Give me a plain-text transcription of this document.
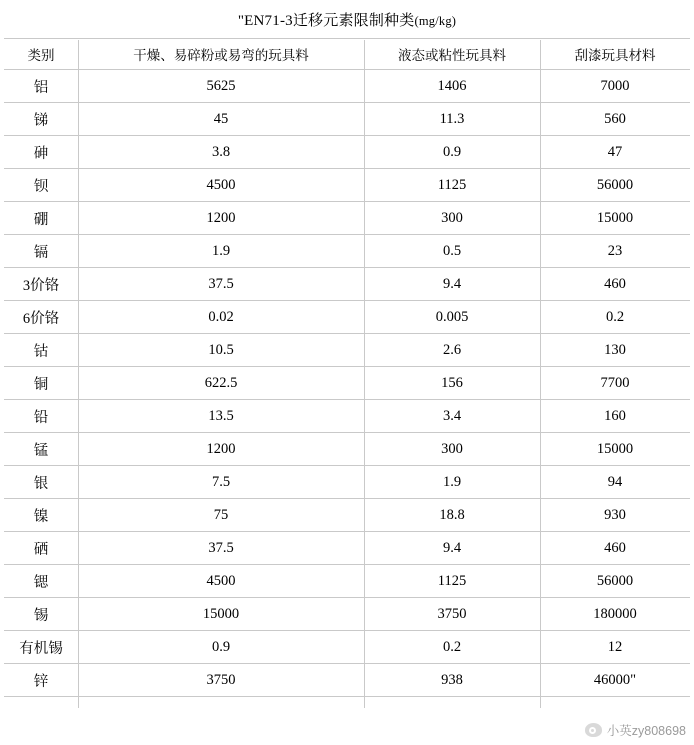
"EN71-3迁移元素限制种类(mg/kg)
类别	干燥、易碎粉或易弯的玩具料	液态或粘性玩具料	刮漆玩具材料
铝	5625	1406	7000
锑	45	11.3	560
砷	3.8	0.9	47
钡	4500	1125	56000
硼	1200	300	15000
镉	1.9	0.5	23
3价铬	37.5	9.4	460
6价铬	0.02	0.005	0.2
钴	10.5	2.6	130
铜	622.5	156	7700
铅	13.5	3.4	160
锰	1200	300	15000
银	7.5	1.9	94
镍	75	18.8	930
硒	37.5	9.4	460
锶	4500	1125	56000
锡	15000	3750	180000
有机锡	0.9	0.2	12
锌	3750	938	46000"
小英zy808698
